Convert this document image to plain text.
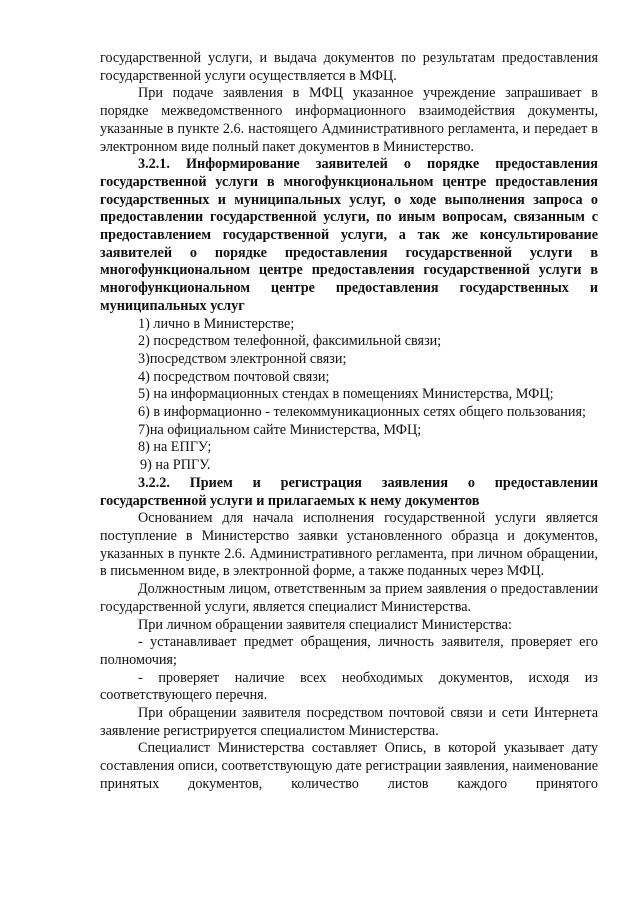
государственной услуги, и выдача документов по результатам предоставления государственной услуги осуществляется в МФЦ.

При подаче заявления в МФЦ указанное учреждение запрашивает в порядке межведомственного информационного взаимодействия документы, указанные в пункте 2.6. настоящего Административного регламента, и передает в электронном виде полный пакет документов в Министерство.

3.2.1. Информирование заявителей о порядке предоставления государственной услуги в многофункциональном центре предоставления государственных и муниципальных услуг, о ходе выполнения запроса о предоставлении государственной услуги, по иным вопросам, связанным с предоставлением государственной услуги, а так же консультирование заявителей о порядке предоставления государственной услуги в многофункциональном центре предоставления государственной услуги в многофункциональном центре предоставления государственных и муниципальных услуг

1) лично в Министерстве;

2) посредством телефонной, факсимильной связи;

3)посредством электронной связи;

4) посредством почтовой связи;

5) на информационных стендах в помещениях Министерства, МФЦ;

6) в информационно - телекоммуникационных сетях общего пользования;

7)на официальном сайте Министерства, МФЦ;

8) на ЕПГУ;

9) на РПГУ.

3.2.2. Прием и регистрация заявления о предоставлении государственной услуги и прилагаемых к нему документов

Основанием для начала исполнения государственной услуги является поступление в Министерство заявки установленного образца и документов, указанных в пункте 2.6. Административного регламента, при личном обращении, в письменном виде, в электронной форме, а также поданных через МФЦ.

Должностным лицом, ответственным за прием заявления о предоставлении государственной услуги, является специалист Министерства.

При личном обращении заявителя специалист Министерства:

- устанавливает предмет обращения, личность заявителя, проверяет его полномочия;

- проверяет наличие всех необходимых документов, исходя из соответствующего перечня.

При обращении заявителя посредством почтовой связи и сети Интернета заявление регистрируется специалистом Министерства.

Специалист Министерства составляет Опись, в которой указывает дату составления описи, соответствующую дате регистрации заявления, наименование принятых документов, количество листов каждого принятого
